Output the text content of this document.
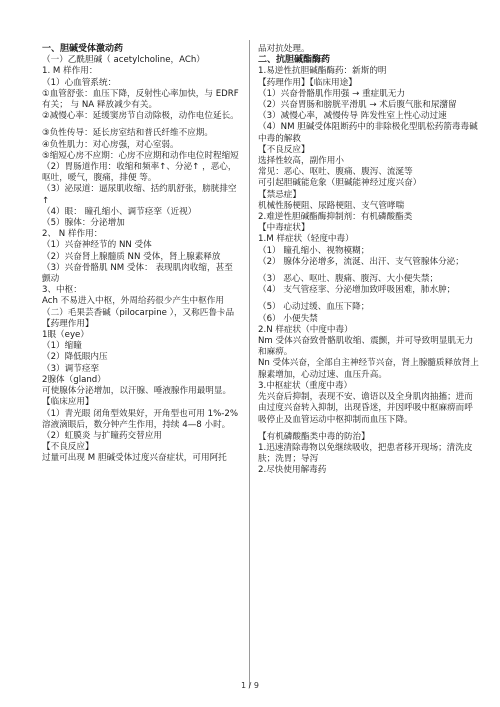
一、胆碱受体激动药
（一）乙酰胆碱（ acetylcholine，ACh）
1. M 样作用：
（1）心血管系统：
①血管舒张：血压下降，反射性心率加快，与 EDRF 有关； 与 NA 释放减少有关。
②减慢心率：延缓窦房节自动除极，动作电位延长。
③负性传导：延长房室结和普氏纤维不应期。
④负性肌力：对心房强，对心室弱。
⑤缩短心房不应期：心房不应期和动作电位时程缩短
（2）胃肠道作用：收缩和频率↑、分泌↑ ，恶心，呕吐，嗳气，腹痛，排便 等。
（3）泌尿道：逼尿肌收缩、括约肌舒张，膀胱排空↑
（4）眼： 瞳孔缩小、调节痉挛（近视）
（5）腺体：分泌增加
2、 N 样作用：
（1）兴奋神经节的 NN 受体
（2）兴奋肾上腺髓质 NN 受体，肾上腺素释放
（3）兴奋骨骼肌 NM 受体： 表现肌肉收缩，甚至颤动
3、中枢：
Ach 不易进入中枢，外周给药很少产生中枢作用
（二）毛果芸香碱（pilocarpine ），又称匹鲁卡品
【药理作用】
1眼（eye）
（1）缩瞳
（2）降低眼内压
（3）调节痉挛
2腺体（gland）
可使腺体分泌增加，以汗腺、唾液腺作用最明显。
【临床应用】
（1）青光眼 闭角型效果好，开角型也可用 1%-2%溶液滴眼后，数分钟产生作用，持续 4—8 小时。
（2）虹膜炎 与扩瞳药交替应用
【不良反应】
过量可出现 M 胆碱受体过度兴奋症状，可用阿托
品对抗处理。
二、抗胆碱酯酶药
1.易逆性抗胆碱酯酶药：新斯的明
【药理作用】【临床用途】
（1）兴奋骨骼肌作用强 → 重症肌无力
（2）兴奋胃肠和膀胱平滑肌 → 术后腹气胀和尿潴留
（3）减慢心率，减慢传导 阵发性室上性心动过速
（4）NM 胆碱受体阻断药中的非除极化型肌松药箭毒毒碱中毒的解救
【不良反应】
选择性较高，副作用小
常见：恶心、呕吐、腹痛、腹泻、流涎等
可引起胆碱能危象（胆碱能神经过度兴奋）
【禁忌症】
机械性肠梗阻、尿路梗阻、支气管哮喘
2.难逆性胆碱酯酶抑制剂：有机磷酸酯类
【中毒症状】
1.M 样症状（轻度中毒）
（1） 瞳孔缩小、视物模糊；
（2） 腺体分泌增多，流涎、出汗、支气管腺体分泌；
（3） 恶心、呕吐、腹痛、腹泻、大小便失禁；
（4） 支气管痉挛、分泌增加致呼吸困难，肺水肿；
（5） 心动过缓、血压下降；
（6） 小便失禁
2.N 样症状（中度中毒）
Nm 受体兴奋致骨骼肌收缩、震颤，并可导致明显肌无力和麻痹。
Nn 受体兴奋，全部自主神经节兴奋，肾上腺髓质释放肾上腺素增加，心动过速、血压升高。
3.中枢症状（重度中毒）
先兴奋后抑制，表现不安、谵语以及全身肌肉抽搐；进而由过度兴奋转入抑制，出现昏迷，并因呼吸中枢麻痹而呼吸停止及血管运动中枢抑制而血压下降。
【有机磷酸酯类中毒的防治】
1.迅速清除毒物以免继续吸收，把患者移开现场；清洗皮肤；洗胃；导泻
2.尽快使用解毒药
1 / 9
